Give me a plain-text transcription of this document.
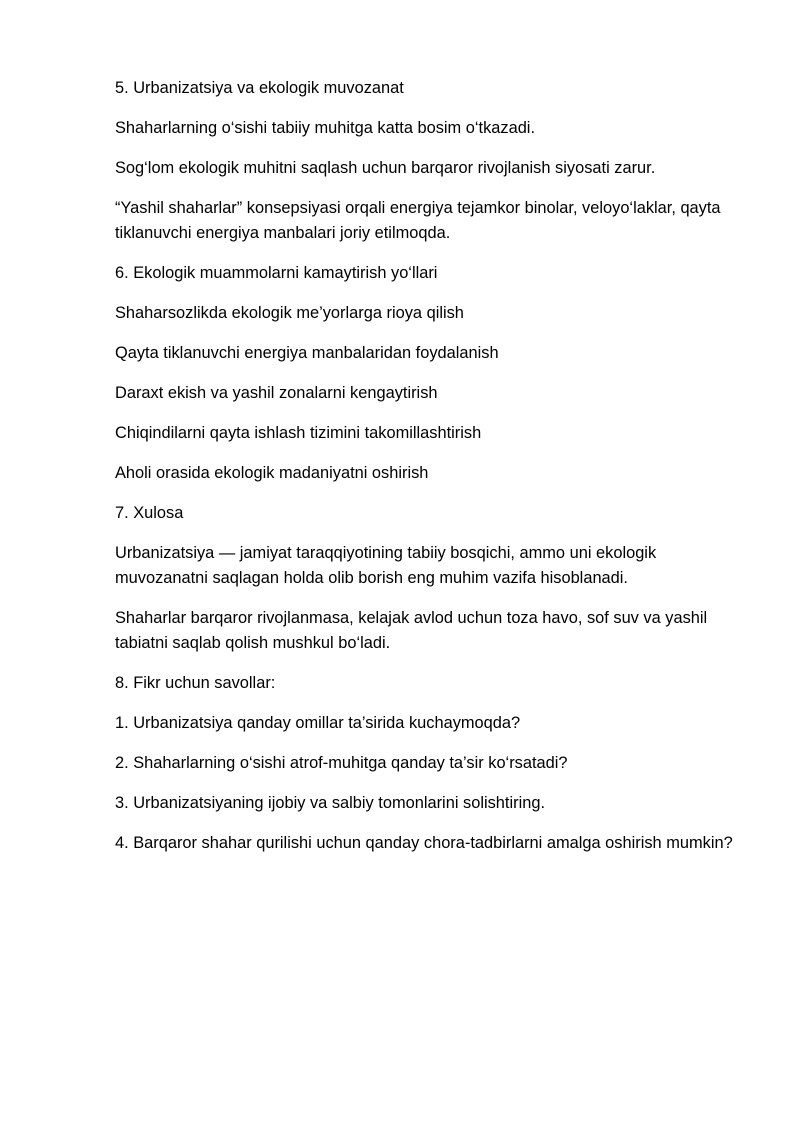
5. Urbanizatsiya va ekologik muvozanat

Shaharlarning o‘sishi tabiiy muhitga katta bosim o‘tkazadi.

Sog‘lom ekologik muhitni saqlash uchun barqaror rivojlanish siyosati zarur.

“Yashil shaharlar” konsepsiyasi orqali energiya tejamkor binolar, veloyo‘laklar, qayta tiklanuvchi energiya manbalari joriy etilmoqda.

6. Ekologik muammolarni kamaytirish yo‘llari

Shaharsozlikda ekologik me’yorlarga rioya qilish

Qayta tiklanuvchi energiya manbalaridan foydalanish

Daraxt ekish va yashil zonalarni kengaytirish

Chiqindilarni qayta ishlash tizimini takomillashtirish

Aholi orasida ekologik madaniyatni oshirish

7. Xulosa

Urbanizatsiya — jamiyat taraqqiyotining tabiiy bosqichi, ammo uni ekologik muvozanatni saqlagan holda olib borish eng muhim vazifa hisoblanadi.

Shaharlar barqaror rivojlanmasa, kelajak avlod uchun toza havo, sof suv va yashil tabiatni saqlab qolish mushkul bo‘ladi.

8. Fikr uchun savollar:

1. Urbanizatsiya qanday omillar ta’sirida kuchaymoqda?

2. Shaharlarning o‘sishi atrof-muhitga qanday ta’sir ko‘rsatadi?

3. Urbanizatsiyaning ijobiy va salbiy tomonlarini solishtiring.

4. Barqaror shahar qurilishi uchun qanday chora-tadbirlarni amalga oshirish mumkin?
